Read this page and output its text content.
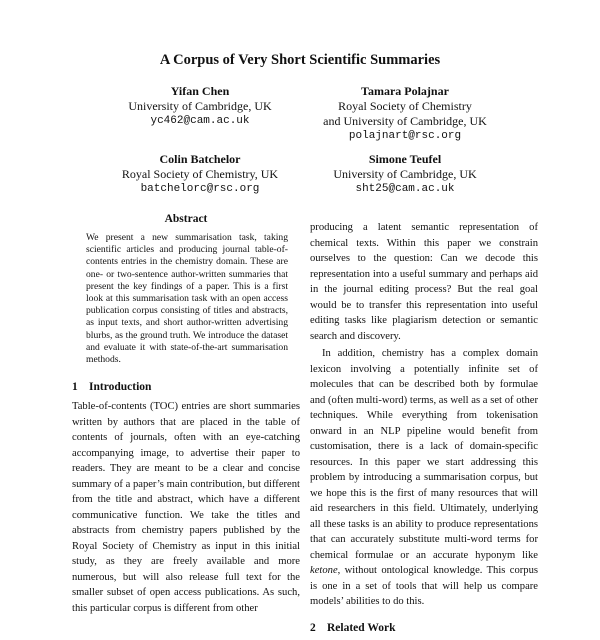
A Corpus of Very Short Scientific Summaries
Yifan Chen
University of Cambridge, UK
yc462@cam.ac.uk
Tamara Polajnar
Royal Society of Chemistry
and University of Cambridge, UK
polajnart@rsc.org
Colin Batchelor
Royal Society of Chemistry, UK
batchelorc@rsc.org
Simone Teufel
University of Cambridge, UK
sht25@cam.ac.uk
Abstract

We present a new summarisation task, taking scientific articles and producing journal table-of-contents entries in the chemistry domain. These are one- or two-sentence author-written summaries that present the key findings of a paper. This is a first look at this summarisation task with an open access publication corpus consisting of titles and abstracts, as input texts, and short author-written advertising blurbs, as the ground truth. We introduce the dataset and evaluate it with state-of-the-art summarisation methods.

1 Introduction

Table-of-contents (TOC) entries are short summaries written by authors that are placed in the table of contents of journals, often with an eye-catching accompanying image, to advertise their paper to readers. They are meant to be a clear and concise summary of a paper’s main contribution, but different from the title and abstract, which have a different communicative function. We take the titles and abstracts from chemistry papers published by the Royal Society of Chemistry as input in this initial study, as they are freely available and more numerous, but will also release full text for the smaller subset of open access publications. As such, this particular corpus is different from other

producing a latent semantic representation of chemical texts. Within this paper we constrain ourselves to the question: Can we decode this representation into a useful summary and perhaps aid in the journal editing process? But the real goal would be to transfer this representation into useful editing tasks like plagiarism detection or semantic search and discovery.

In addition, chemistry has a complex domain lexicon involving a potentially infinite set of molecules that can be described both by formulae and (often multi-word) terms, as well as a set of other techniques. While everything from tokenisation onward in an NLP pipeline would benefit from customisation, there is a lack of domain-specific resources. In this paper we start addressing this problem by introducing a summarisation corpus, but we hope this is the first of many resources that will aid researchers in this field. Ultimately, underlying all these tasks is an ability to produce representations that can accurately substitute multi-word terms for chemical formulae or an accurate hyponym like ketone, without ontological knowledge. This corpus is one in a set of tools that will help us compare models’ abilities to do this.

2 Related Work
